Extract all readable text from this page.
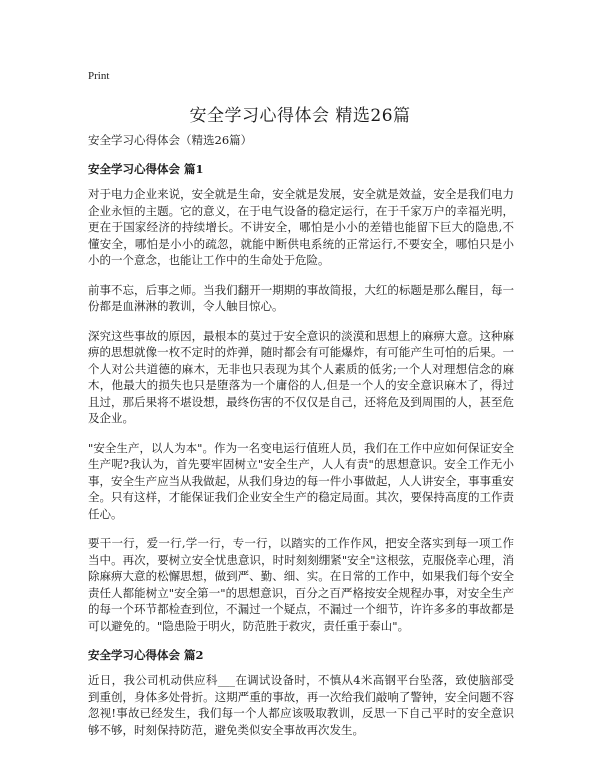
Print
安全学习心得体会 精选26篇

安全学习心得体会（精选26篇）

安全学习心得体会 篇1

对于电力企业来说，安全就是生命，安全就是发展，安全就是效益，安全是我们电力企业永恒的主题。它的意义，在于电气设备的稳定运行，在于千家万户的幸福光明，更在于国家经济的持续增长。不讲安全，哪怕是小小的差错也能留下巨大的隐患,不懂安全，哪怕是小小的疏忽，就能中断供电系统的正常运行,不要安全，哪怕只是小小的一个意念，也能让工作中的生命处于危险。

前事不忘，后事之师。当我们翻开一期期的事故简报，大红的标题是那么醒目，每一份都是血淋淋的教训，令人触目惊心。

深究这些事故的原因，最根本的莫过于安全意识的淡漠和思想上的麻痹大意。这种麻痹的思想就像一枚不定时的炸弹，随时都会有可能爆炸，有可能产生可怕的后果。一个人对公共道德的麻木，无非也只表现为其个人素质的低劣;一个人对理想信念的麻木，他最大的损失也只是堕落为一个庸俗的人,但是一个人的安全意识麻木了，得过且过，那后果将不堪设想，最终伤害的不仅仅是自己，还将危及到周围的人，甚至危及企业。

"安全生产，以人为本"。作为一名变电运行值班人员，我们在工作中应如何保证安全生产呢?我认为，首先要牢固树立"安全生产，人人有责"的思想意识。安全工作无小事，安全生产应当从我做起，从我们身边的每一件小事做起，人人讲安全，事事重安全。只有这样，才能保证我们企业安全生产的稳定局面。其次，要保持高度的工作责任心。

要干一行，爱一行,学一行，专一行，以踏实的工作作风，把安全落实到每一项工作当中。再次，要树立安全忧患意识，时时刻刻绷紧"安全"这根弦，克服侥幸心理，消除麻痹大意的松懈思想，做到严、勤、细、实。在日常的工作中，如果我们每个安全责任人都能树立"安全第一"的思想意识，百分之百严格按安全规程办事，对安全生产的每一个环节都检查到位，不漏过一个疑点，不漏过一个细节，许许多多的事故都是可以避免的。"隐患险于明火，防范胜于救灾，责任重于泰山"。

安全学习心得体会 篇2

近日，我公司机动供应科___在调试设备时，不慎从4米高钢平台坠落，致使脑部受到重创，身体多处骨折。这期严重的事故，再一次给我们敲响了警钟，安全问题不容忽视!事故已经发生，我们每一个人都应该吸取教训，反思一下自己平时的安全意识够不够，时刻保持防范，避免类似安全事故再次发生。
